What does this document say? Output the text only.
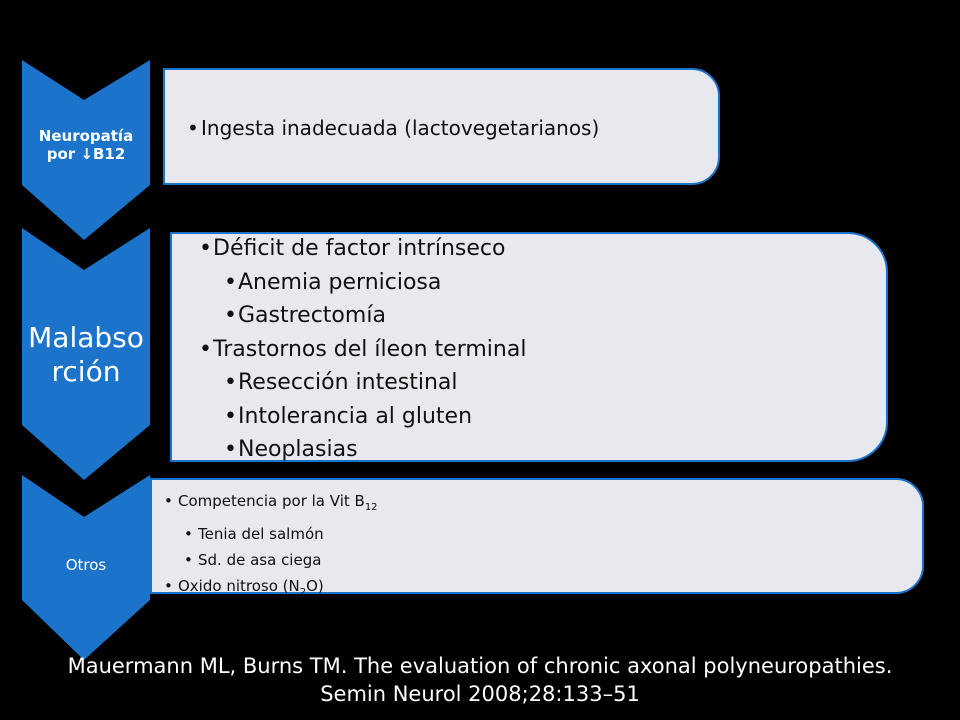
Neuropatía
por ↓B12
Malabso
rción
Otros
• Ingesta inadecuada (lactovegetarianos)
• Déficit de factor intrínseco
• Anemia perniciosa
• Gastrectomía
• Trastornos del íleon terminal
• Resección intestinal
• Intolerancia al gluten
• Neoplasias
• Competencia por la Vit $B_{12}$
• Tenia del salmón
• Sd. de asa ciega
• Oxido nitroso $(N_2O)$
Mauermann ML, Burns TM. The evaluation of chronic axonal polyneuropathies.
Semin Neurol 2008;28:133–51
